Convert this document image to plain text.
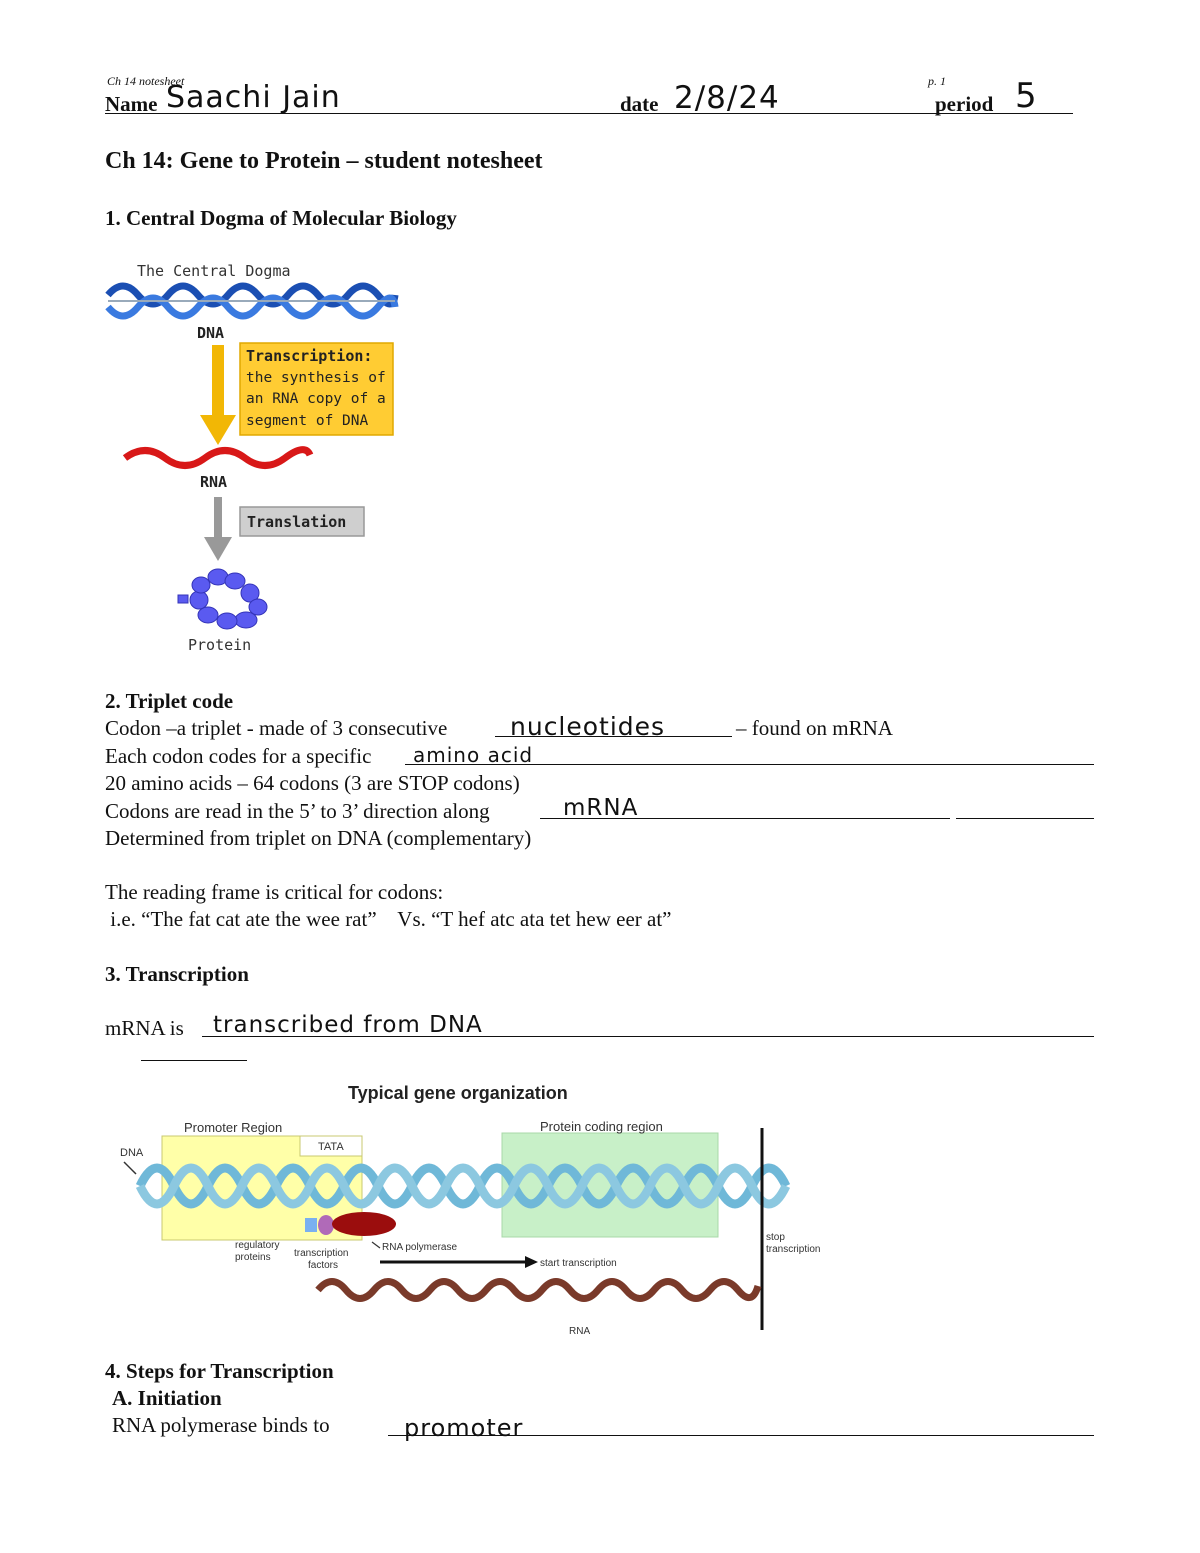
Ch 14 notesheet	p. 1
Name Saachi Jain	date 2/8/24	period 5
Ch 14: Gene to Protein – student notesheet
1. Central Dogma of Molecular Biology
The Central Dogma
DNA
Transcription:
the synthesis of
an RNA copy of a
segment of DNA
RNA
Translation
Protein
2. Triplet code
Codon –a triplet - made of 3 consecutive	nucleotides	– found on mRNA
Each codon codes for a specific amino acid
20 amino acids – 64 codons (3 are STOP codons)
Codons are read in the 5’ to 3’ direction along	mRNA
Determined from triplet on DNA (complementary)
The reading frame is critical for codons:
i.e. “The fat cat ate the wee rat”    Vs. “T hef atc ata tet hew eer at”
3. Transcription
mRNA is transcribed from DNA
Typical gene organization
Promoter Region
TATA
Protein coding region
DNA
stop
transcription
regulatory
proteins transcription
factors
RNA polymerase
start transcription
RNA
4. Steps for Transcription
A. Initiation
RNA polymerase binds to	promoter
